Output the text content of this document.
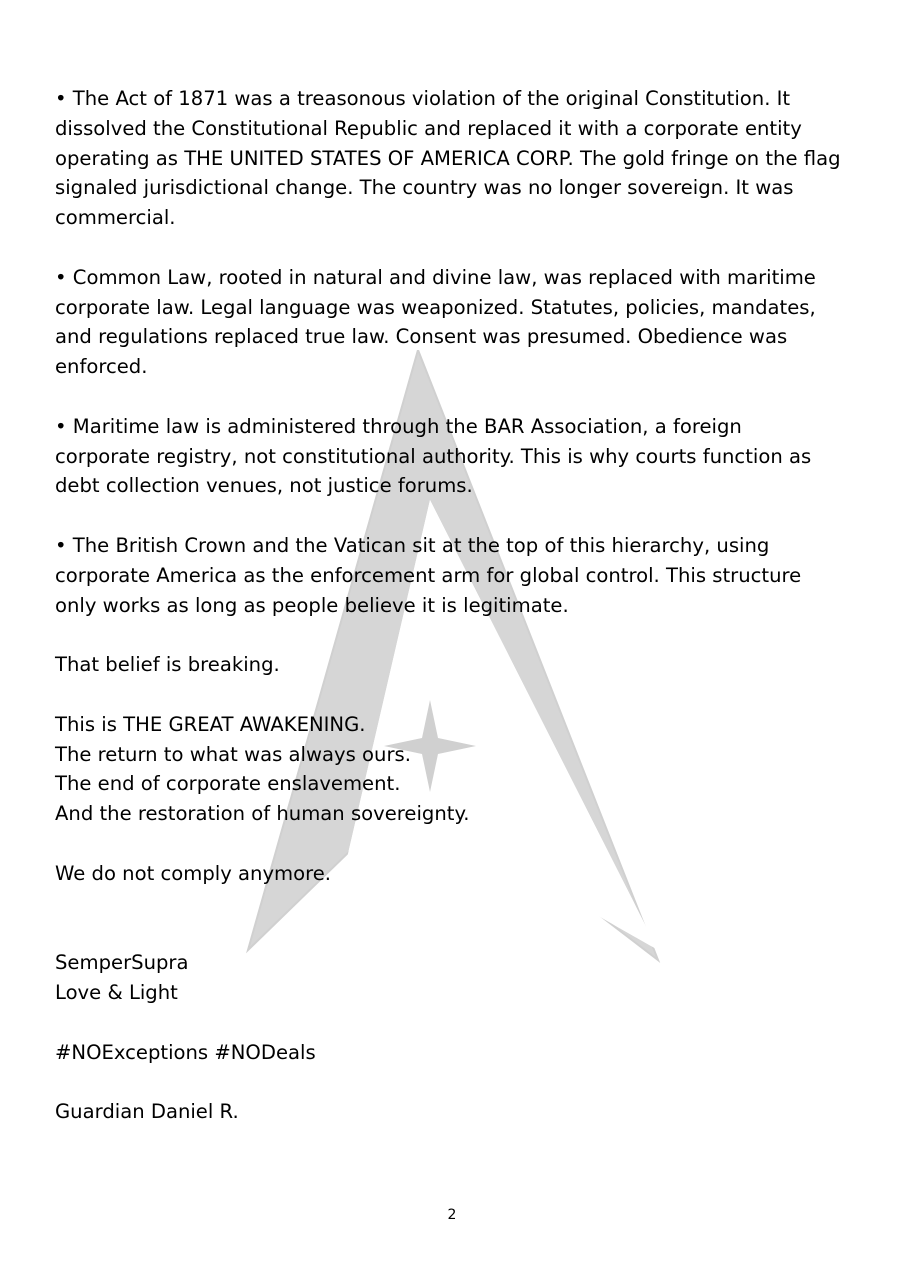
• The Act of 1871 was a treasonous violation of the original Constitution. It
dissolved the Constitutional Republic and replaced it with a corporate entity
operating as THE UNITED STATES OF AMERICA CORP. The gold fringe on the flag
signaled jurisdictional change. The country was no longer sovereign. It was
commercial.
• Common Law, rooted in natural and divine law, was replaced with maritime
corporate law. Legal language was weaponized. Statutes, policies, mandates,
and regulations replaced true law. Consent was presumed. Obedience was
enforced.
• Maritime law is administered through the BAR Association, a foreign
corporate registry, not constitutional authority. This is why courts function as
debt collection venues, not justice forums.
• The British Crown and the Vatican sit at the top of this hierarchy, using
corporate America as the enforcement arm for global control. This structure
only works as long as people believe it is legitimate.
That belief is breaking.
This is THE GREAT AWAKENING.
The return to what was always ours.
The end of corporate enslavement.
And the restoration of human sovereignty.
We do not comply anymore.
SemperSupra
Love & Light
#NOExceptions #NODeals
Guardian Daniel R.
2
